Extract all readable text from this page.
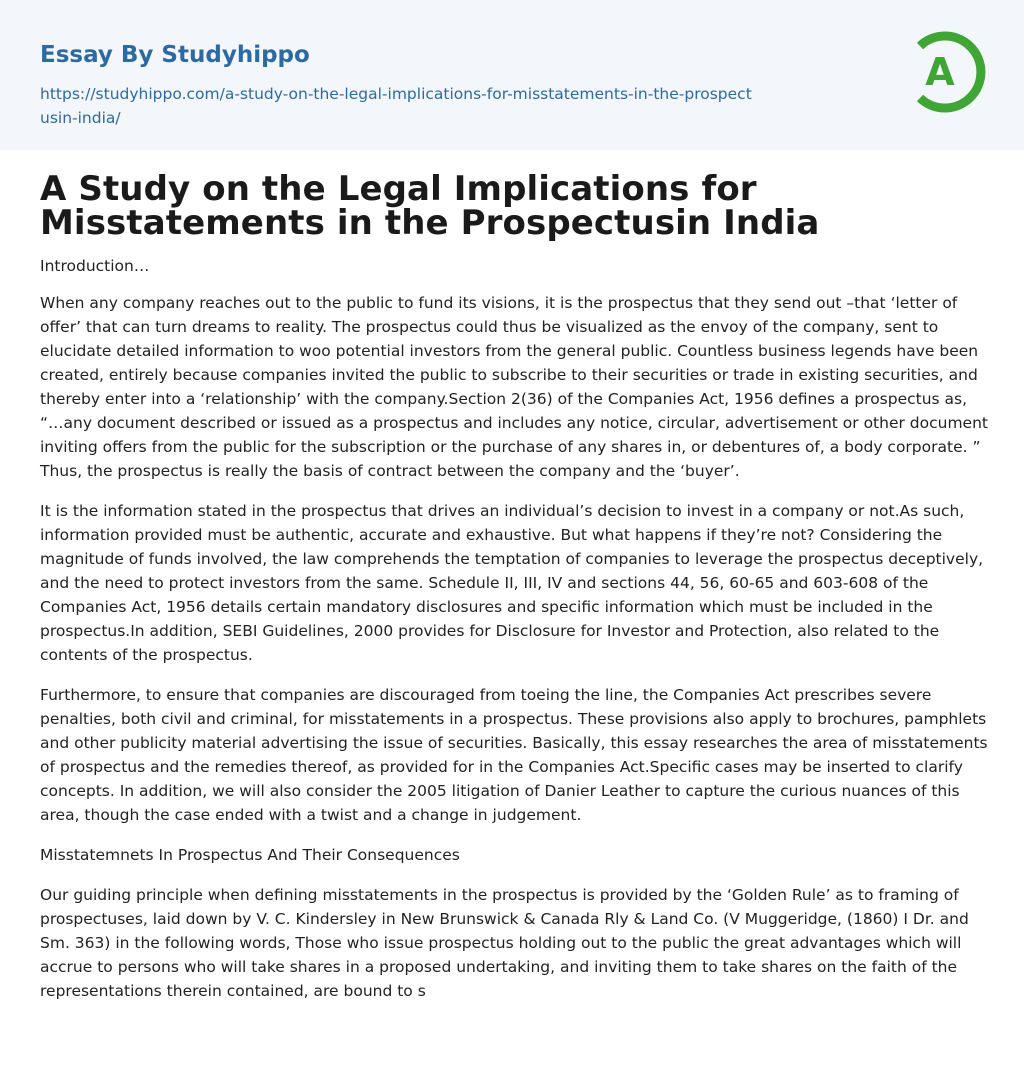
Essay By Studyhippo
https://studyhippo.com/a-study-on-the-legal-implications-for-misstatements-in-the-prospectusin-india/
A
A Study on the Legal Implications for Misstatements in the Prospectusin India

Introduction…

When any company reaches out to the public to fund its visions, it is the prospectus that they send out –that ‘letter of offer’ that can turn dreams to reality. The prospectus could thus be visualized as the envoy of the company, sent to elucidate detailed information to woo potential investors from the general public. Countless business legends have been created, entirely because companies invited the public to subscribe to their securities or trade in existing securities, and thereby enter into a ‘relationship’ with the company.Section 2(36) of the Companies Act, 1956 defines a prospectus as, “…any document described or issued as a prospectus and includes any notice, circular, advertisement or other document inviting offers from the public for the subscription or the purchase of any shares in, or debentures of, a body corporate. ” Thus, the prospectus is really the basis of contract between the company and the ‘buyer’.

It is the information stated in the prospectus that drives an individual’s decision to invest in a company or not.As such, information provided must be authentic, accurate and exhaustive. But what happens if they’re not? Considering the magnitude of funds involved, the law comprehends the temptation of companies to leverage the prospectus deceptively, and the need to protect investors from the same. Schedule II, III, IV and sections 44, 56, 60-65 and 603-608 of the Companies Act, 1956 details certain mandatory disclosures and specific information which must be included in the prospectus.In addition, SEBI Guidelines, 2000 provides for Disclosure for Investor and Protection, also related to the contents of the prospectus.

Furthermore, to ensure that companies are discouraged from toeing the line, the Companies Act prescribes severe penalties, both civil and criminal, for misstatements in a prospectus. These provisions also apply to brochures, pamphlets and other publicity material advertising the issue of securities. Basically, this essay researches the area of misstatements of prospectus and the remedies thereof, as provided for in the Companies Act.Specific cases may be inserted to clarify concepts. In addition, we will also consider the 2005 litigation of Danier Leather to capture the curious nuances of this area, though the case ended with a twist and a change in judgement.

Misstatemnets In Prospectus And Their Consequences

Our guiding principle when defining misstatements in the prospectus is provided by the ‘Golden Rule’ as to framing of prospectuses, laid down by V. C. Kindersley in New Brunswick & Canada Rly & Land Co. (V Muggeridge, (1860) I Dr. and Sm. 363) in the following words, Those who issue prospectus holding out to the public the great advantages which will accrue to persons who will take shares in a proposed undertaking, and inviting them to take shares on the faith of the representations therein contained, are bound to s
